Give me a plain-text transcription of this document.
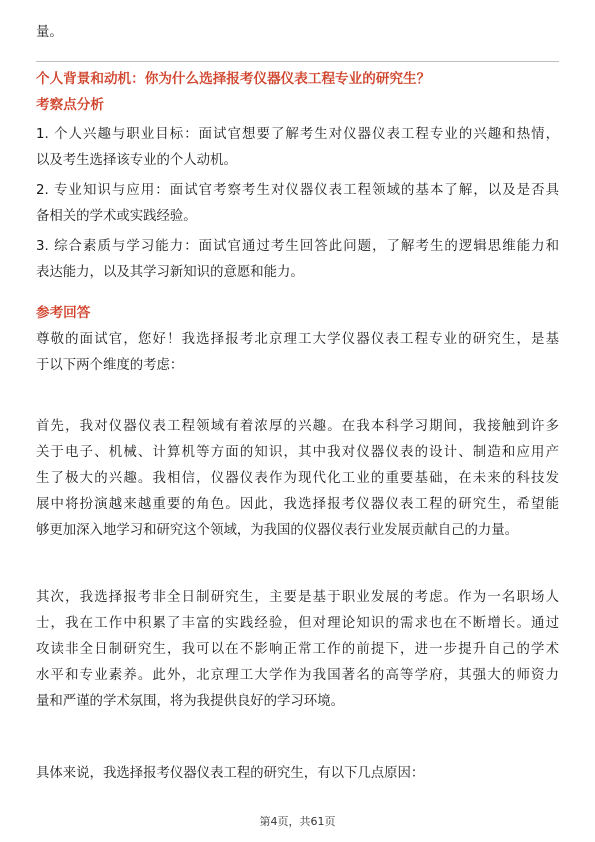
量。
个人背景和动机：你为什么选择报考仪器仪表工程专业的研究生？

考察点分析

1. 个人兴趣与职业目标：面试官想要了解考生对仪器仪表工程专业的兴趣和热情，

以及考生选择该专业的个人动机。

2. 专业知识与应用：面试官考察考生对仪器仪表工程领域的基本了解，以及是否具

备相关的学术或实践经验。

3. 综合素质与学习能力：面试官通过考生回答此问题，了解考生的逻辑思维能力和

表达能力，以及其学习新知识的意愿和能力。

参考回答

尊敬的面试官，您好！我选择报考北京理工大学仪器仪表工程专业的研究生，是基

于以下两个维度的考虑：

首先，我对仪器仪表工程领域有着浓厚的兴趣。在我本科学习期间，我接触到许多

关于电子、机械、计算机等方面的知识，其中我对仪器仪表的设计、制造和应用产

生了极大的兴趣。我相信，仪器仪表作为现代化工业的重要基础，在未来的科技发

展中将扮演越来越重要的角色。因此，我选择报考仪器仪表工程的研究生，希望能

够更加深入地学习和研究这个领域，为我国的仪器仪表行业发展贡献自己的力量。

其次，我选择报考非全日制研究生，主要是基于职业发展的考虑。作为一名职场人

士，我在工作中积累了丰富的实践经验，但对理论知识的需求也在不断增长。通过

攻读非全日制研究生，我可以在不影响正常工作的前提下，进一步提升自己的学术

水平和专业素养。此外，北京理工大学作为我国著名的高等学府，其强大的师资力

量和严谨的学术氛围，将为我提供良好的学习环境。

具体来说，我选择报考仪器仪表工程的研究生，有以下几点原因：

第4页，共61页
